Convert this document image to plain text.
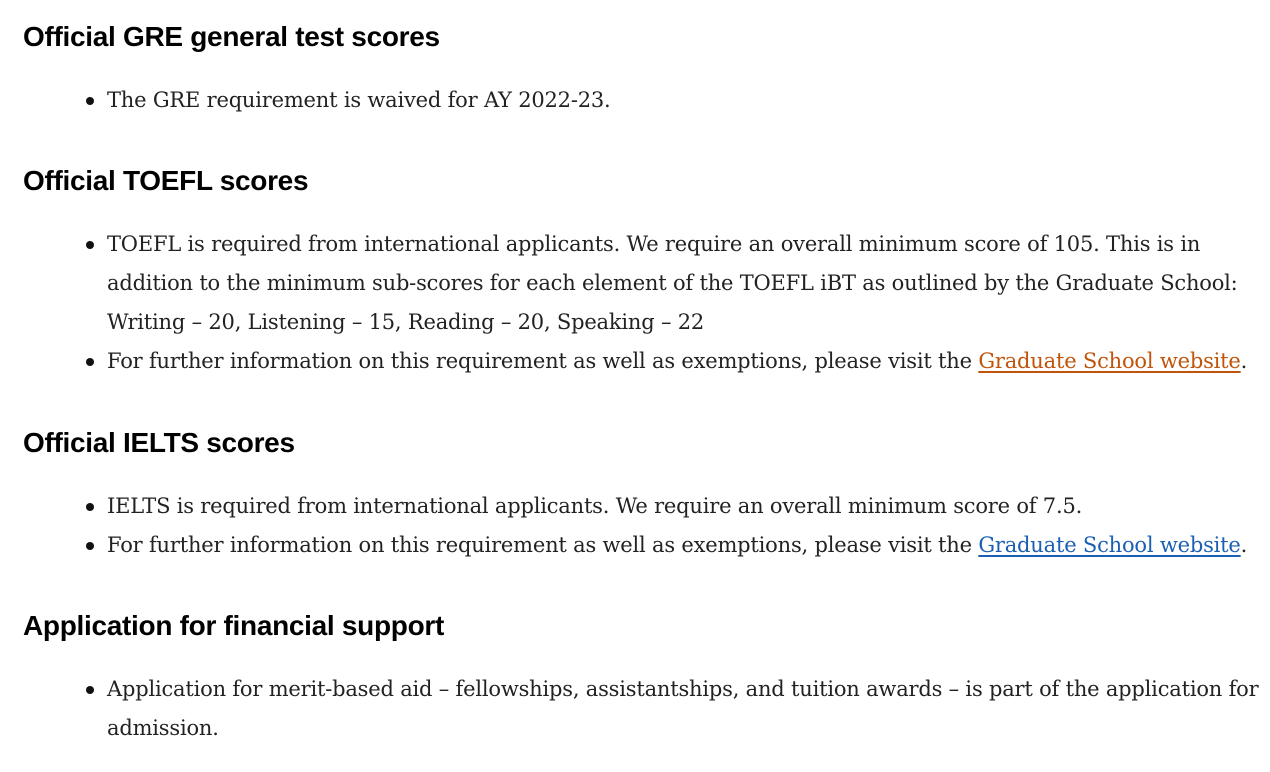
Official GRE general test scores
The GRE requirement is waived for AY 2022-23.
Official TOEFL scores
TOEFL is required from international applicants. We require an overall minimum score of 105. This is in addition to the minimum sub-scores for each element of the TOEFL iBT as outlined by the Graduate School: Writing – 20, Listening – 15, Reading – 20, Speaking – 22
For further information on this requirement as well as exemptions, please visit the Graduate School website.
Official IELTS scores
IELTS is required from international applicants. We require an overall minimum score of 7.5.
For further information on this requirement as well as exemptions, please visit the Graduate School website.
Application for financial support
Application for merit-based aid – fellowships, assistantships, and tuition awards – is part of the application for admission.
